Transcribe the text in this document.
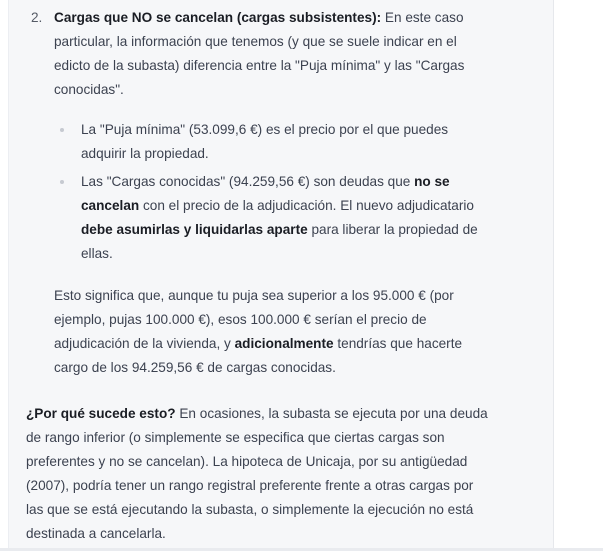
2. Cargas que NO se cancelan (cargas subsistentes): En este caso particular, la información que tenemos (y que se suele indicar en el edicto de la subasta) diferencia entre la "Puja mínima" y las "Cargas conocidas".

La "Puja mínima" (53.099,6 €) es el precio por el que puedes adquirir la propiedad.
Las "Cargas conocidas" (94.259,56 €) son deudas que no se cancelan con el precio de la adjudicación. El nuevo adjudicatario debe asumirlas y liquidarlas aparte para liberar la propiedad de ellas.

Esto significa que, aunque tu puja sea superior a los 95.000 € (por ejemplo, pujas 100.000 €), esos 100.000 € serían el precio de adjudicación de la vivienda, y adicionalmente tendrías que hacerte cargo de los 94.259,56 € de cargas conocidas.

¿Por qué sucede esto? En ocasiones, la subasta se ejecuta por una deuda de rango inferior (o simplemente se especifica que ciertas cargas son preferentes y no se cancelan). La hipoteca de Unicaja, por su antigüedad (2007), podría tener un rango registral preferente frente a otras cargas por las que se está ejecutando la subasta, o simplemente la ejecución no está destinada a cancelarla.
